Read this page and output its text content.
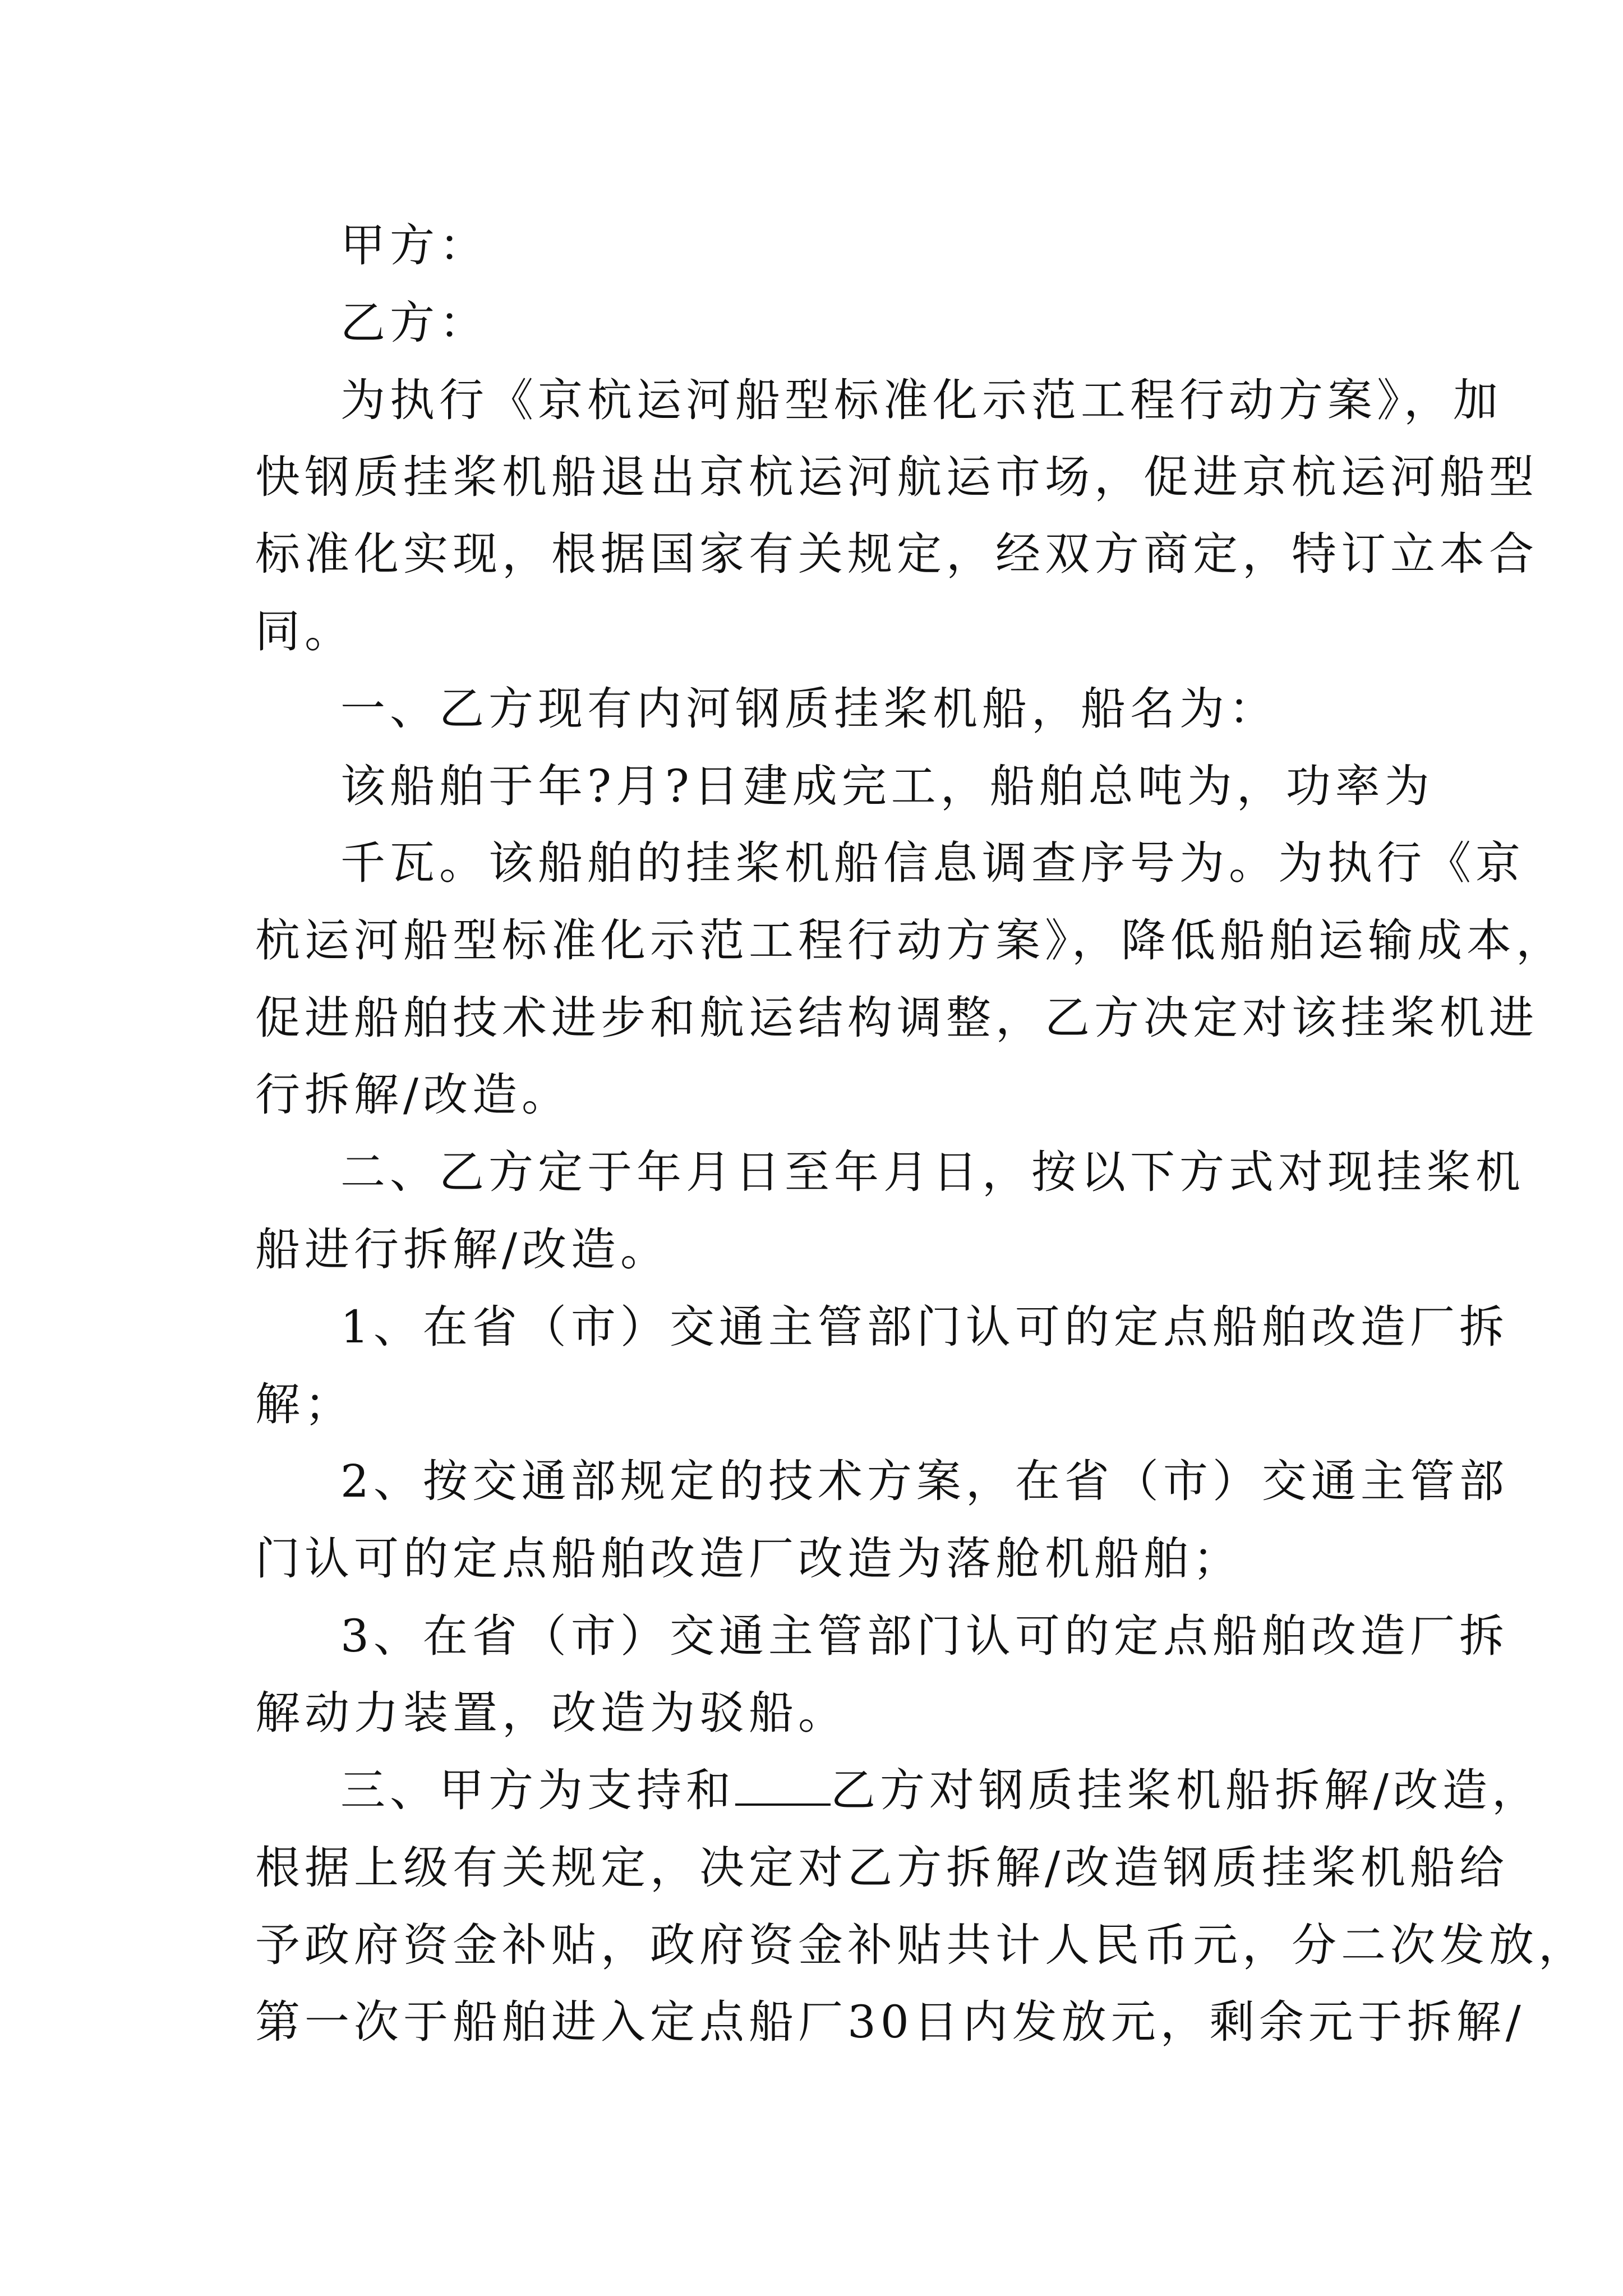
甲方：
乙方：
为执行《京杭运河船型标准化示范工程行动方案》，加
快钢质挂桨机船退出京杭运河航运市场，促进京杭运河船型
标准化实现，根据国家有关规定，经双方商定，特订立本合
同。
一、乙方现有内河钢质挂桨机船，船名为：
该船舶于年?月?日建成完工，船舶总吨为，功率为
千瓦。该船舶的挂桨机船信息调查序号为。为执行《京
杭运河船型标准化示范工程行动方案》，降低船舶运输成本，
促进船舶技术进步和航运结构调整，乙方决定对该挂桨机进
行拆解/改造。
二、乙方定于年月日至年月日，按以下方式对现挂桨机
船进行拆解/改造。
1、在省（市）交通主管部门认可的定点船舶改造厂拆
解；
2、按交通部规定的技术方案，在省（市）交通主管部
门认可的定点船舶改造厂改造为落舱机船舶；
3、在省（市）交通主管部门认可的定点船舶改造厂拆
解动力装置，改造为驳船。
三、甲方为支持和 乙方对钢质挂桨机船拆解/改造，
根据上级有关规定，决定对乙方拆解/改造钢质挂桨机船给
予政府资金补贴，政府资金补贴共计人民币元，分二次发放，
第一次于船舶进入定点船厂30日内发放元，剩余元于拆解/
